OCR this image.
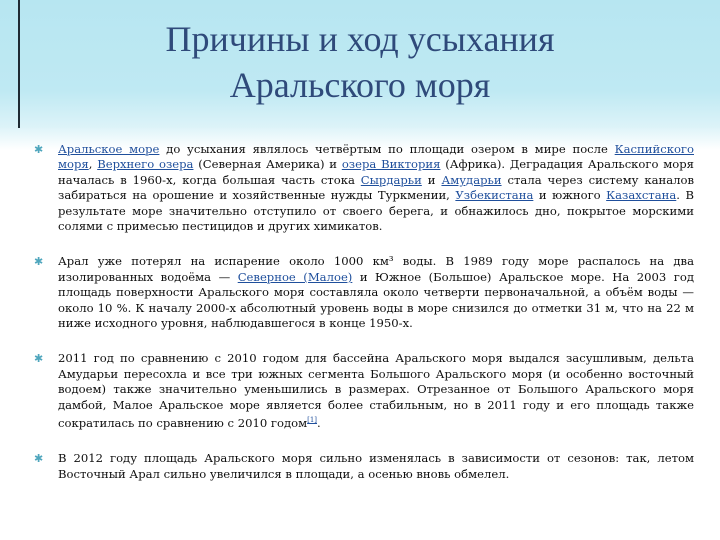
Причины и ход усыхания
Аральского моря
✱ Аральское море до усыхания являлось четвёртым по площади озером в мире после Каспийского моря, Верхнего озера (Северная Америка) и озера Виктория (Африка). Деградация Аральского моря началась в 1960-х, когда большая часть стока Сырдарьи и Амударьи стала через систему каналов забираться на орошение и хозяйственные нужды Туркмении, Узбекистана и южного Казахстана. В результате море значительно отступило от своего берега, и обнажилось дно, покрытое морскими солями с примесью пестицидов и других химикатов.
✱ Арал уже потерял на испарение около 1000 км³ воды. В 1989 году море распалось на два изолированных водоёма — Северное (Малое) и Южное (Большое) Аральское море. На 2003 год площадь поверхности Аральского моря составляла около четверти первоначальной, а объём воды — около 10 %. К началу 2000-х абсолютный уровень воды в море снизился до отметки 31 м, что на 22 м ниже исходного уровня, наблюдавшегося в конце 1950-х.
✱ 2011 год по сравнению с 2010 годом для бассейна Аральского моря выдался засушливым, дельта Амударьи пересохла и все три южных сегмента Большого Аральского моря (и особенно восточный водоем) также значительно уменьшились в размерах. Отрезанное от Большого Аральского моря дамбой, Малое Аральское море является более стабильным, но в 2011 году и его площадь также сократилась по сравнению с 2010 годом[1].
✱ В 2012 году площадь Аральского моря сильно изменялась в зависимости от сезонов: так, летом Восточный Арал сильно увеличился в площади, а осенью вновь обмелел.
